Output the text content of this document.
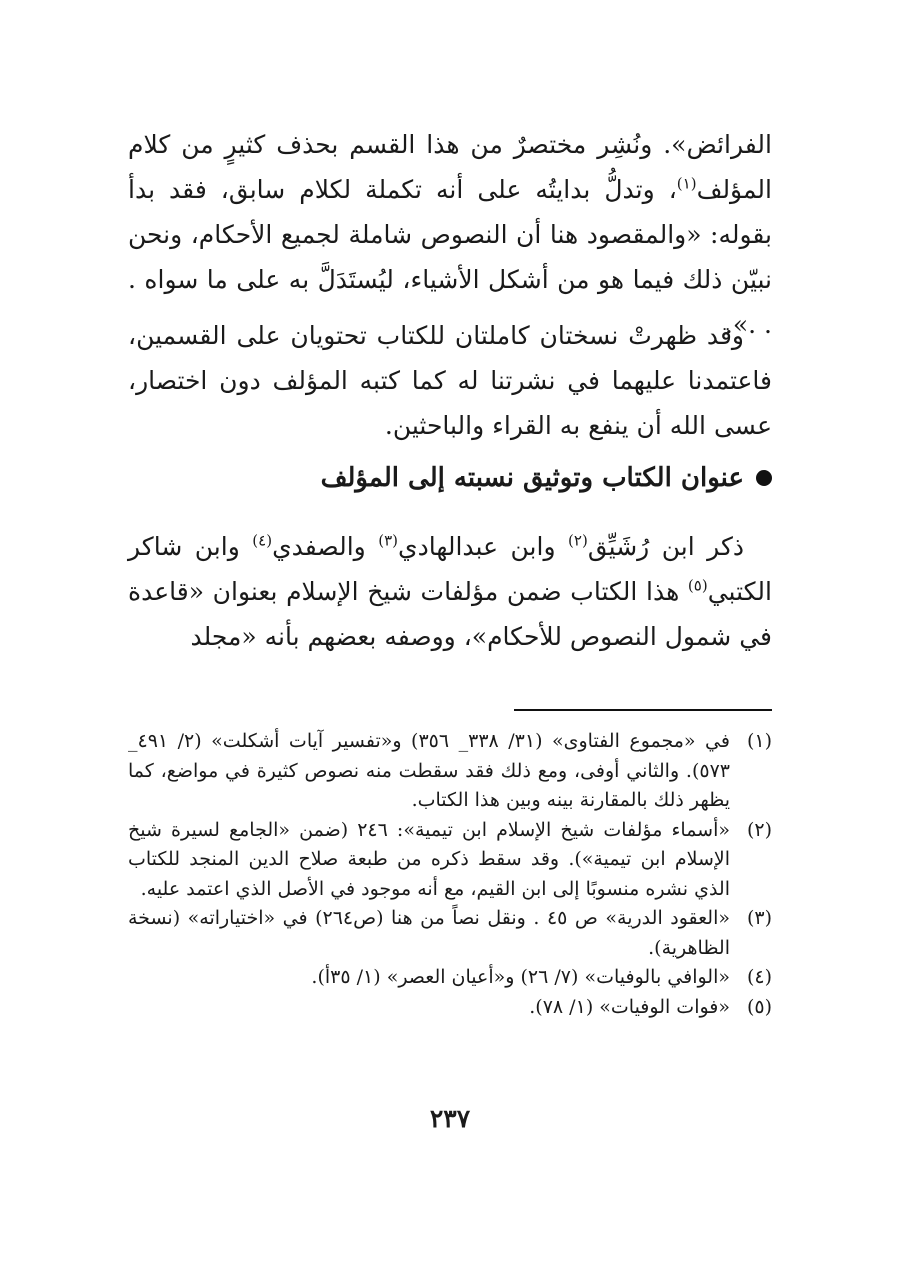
الفرائض». ونُشِر مختصرٌ من هذا القسم بحذف كثيرٍ من كلام المؤلف$^{(١)}$، وتدلُّ بدايتُه على أنه تكملة لكلام سابق، فقد بدأ بقوله: «والمقصود هنا أن النصوص شاملة لجميع الأحكام، ونحن نبيّن ذلك فيما هو من أشكل الأشياء، ليُستَدَلَّ به على ما سواه . . .».

وقد ظهرتْ نسختان كاملتان للكتاب تحتويان على القسمين، فاعتمدنا عليهما في نشرتنا له كما كتبه المؤلف دون اختصار، عسى الله أن ينفع به القراء والباحثين.

عنوان الكتاب وتوثيق نسبته إلى المؤلف

ذكر ابن رُشَيِّق$^{(٢)}$ وابن عبدالهادي$^{(٣)}$ والصفدي$^{(٤)}$ وابن شاكر الكتبي$^{(٥)}$ هذا الكتاب ضمن مؤلفات شيخ الإسلام بعنوان «قاعدة في شمول النصوص للأحكام»، ووصفه بعضهم بأنه «مجلد

(١)
في «مجموع الفتاوى» (٣١/ ٣٣٨_ ٣٥٦) و«تفسير آيات أشكلت» (٢/ ٤٩١_ ٥٧٣). والثاني أوفى، ومع ذلك فقد سقطت منه نصوص كثيرة في مواضع، كما يظهر ذلك بالمقارنة بينه وبين هذا الكتاب.
(٢)
«أسماء مؤلفات شيخ الإسلام ابن تيمية»: ٢٤٦ (ضمن «الجامع لسيرة شيخ الإسلام ابن تيمية»). وقد سقط ذكره من طبعة صلاح الدين المنجد للكتاب الذي نشره منسوبًا إلى ابن القيم، مع أنه موجود في الأصل الذي اعتمد عليه.
(٣)
«العقود الدرية» ص ٤٥ . ونقل نصاً من هنا (ص٢٦٤) في «اختياراته» (نسخة الظاهرية).
(٤)
«الوافي بالوفيات» (٧/ ٢٦) و«أعيان العصر» (١/ ٣٥أ).
(٥)
«فوات الوفيات» (١/ ٧٨).
٢٣٧
